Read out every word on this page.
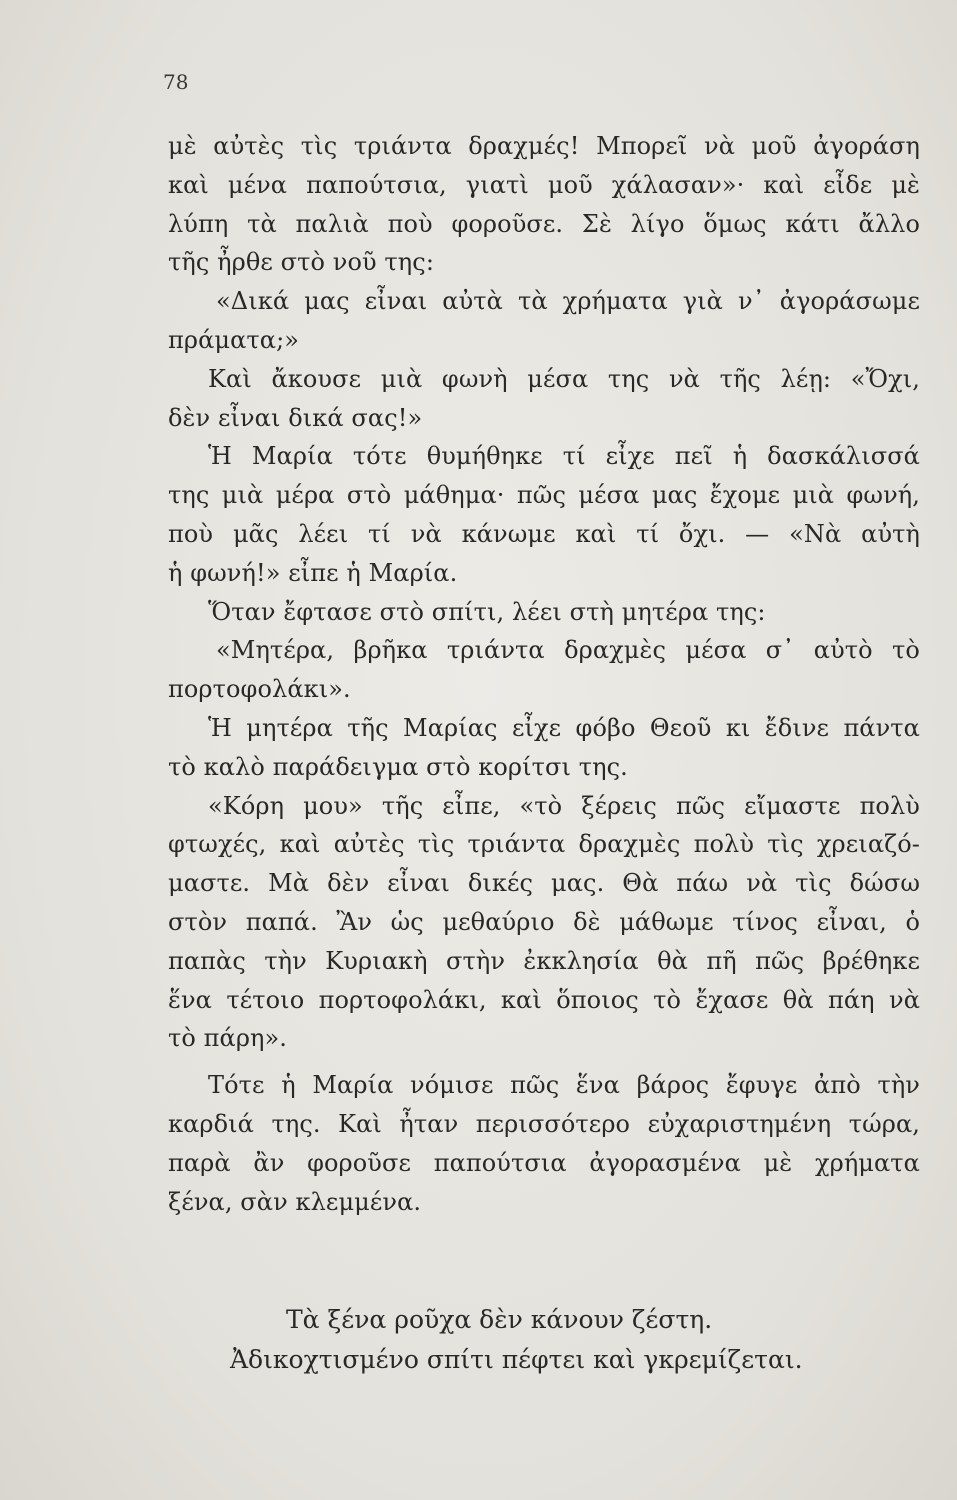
78
μὲ αὐτὲς τὶς τριάντα δραχμές! Μπορεῖ νὰ μοῦ ἀγοράση
καὶ μένα παπούτσια, γιατὶ μοῦ χάλασαν»· καὶ εἶδε μὲ
λύπη τὰ παλιὰ ποὺ φοροῦσε. Σὲ λίγο ὅμως κάτι ἄλλο
τῆς ἦρθε στὸ νοῦ της:
«Δικά μας εἶναι αὐτὰ τὰ χρήματα γιὰ ν᾽ ἀγοράσωμε
πράματα;»
Καὶ ἄκουσε μιὰ φωνὴ μέσα της νὰ τῆς λέῃ: «Ὄχι,
δὲν εἶναι δικά σας!»
Ἡ Μαρία τότε θυμήθηκε τί εἶχε πεῖ ἡ δασκάλισσά
της μιὰ μέρα στὸ μάθημα· πῶς μέσα μας ἔχομε μιὰ φωνή,
ποὺ μᾶς λέει τί νὰ κάνωμε καὶ τί ὄχι. — «Νὰ αὐτὴ
ἡ φωνή!» εἶπε ἡ Μαρία.
Ὅταν ἔφτασε στὸ σπίτι, λέει στὴ μητέρα της:
«Μητέρα, βρῆκα τριάντα δραχμὲς μέσα σ᾽ αὐτὸ τὸ
πορτοφολάκι».
Ἡ μητέρα τῆς Μαρίας εἶχε φόβο Θεοῦ κι ἔδινε πάντα
τὸ καλὸ παράδειγμα στὸ κορίτσι της.
«Κόρη μου» τῆς εἶπε, «τὸ ξέρεις πῶς εἴμαστε πολὺ
φτωχές, καὶ αὐτὲς τὶς τριάντα δραχμὲς πολὺ τὶς χρειαζό-
μαστε. Μὰ δὲν εἶναι δικές μας. Θὰ πάω νὰ τὶς δώσω
στὸν παπά. Ἂν ὡς μεθαύριο δὲ μάθωμε τίνος εἶναι, ὁ
παπὰς τὴν Κυριακὴ στὴν ἐκκλησία θὰ πῆ πῶς βρέθηκε
ἕνα τέτοιο πορτοφολάκι, καὶ ὅποιος τὸ ἔχασε θὰ πάη νὰ
τὸ πάρη».
Τότε ἡ Μαρία νόμισε πῶς ἕνα βάρος ἔφυγε ἀπὸ τὴν
καρδιά της. Καὶ ἦταν περισσότερο εὐχαριστημένη τώρα,
παρὰ ἂν φοροῦσε παπούτσια ἀγορασμένα μὲ χρήματα
ξένα, σὰν κλεμμένα.
Τὰ ξένα ροῦχα δὲν κάνουν ζέστη.
Ἀδικοχτισμένο σπίτι πέφτει καὶ γκρεμίζεται.
